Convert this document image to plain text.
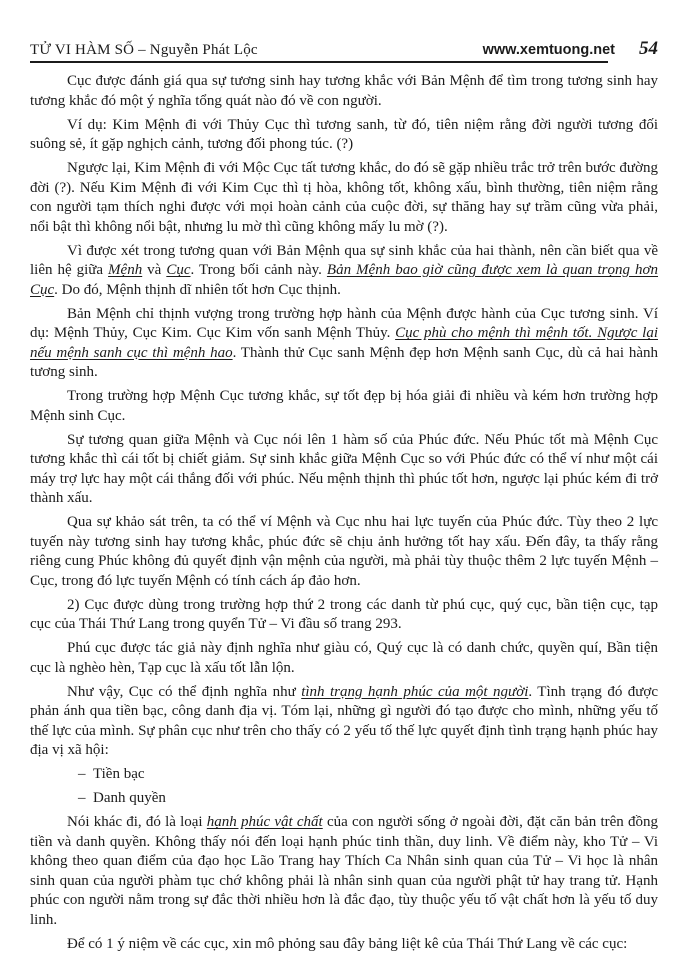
TỬ VI HÀM SỐ – Nguyễn Phát Lộc	www.xemtuong.net 54
Cục được đánh giá qua sự tương sinh hay tương khắc với Bản Mệnh để tìm trong tương sinh hay tương khắc đó một ý nghĩa tổng quát nào đó về con người.
Ví dụ: Kim Mệnh đi với Thủy Cục thì tương sanh, từ đó, tiên niệm rằng đời người tương đối suông sẻ, ít gặp nghịch cảnh, tương đối phong túc. (?)
Ngược lại, Kim Mệnh đi với Mộc Cục tất tương khắc, do đó sẽ gặp nhiều trắc trở trên bước đường đời (?). Nếu Kim Mệnh đi với Kim Cục thì tị hòa, không tốt, không xấu, bình thường, tiên niệm rằng con người tạm thích nghi được với mọi hoàn cảnh của cuộc đời, sự thăng hay sự trầm cũng vừa phải, nổi bật thì không nổi bật, nhưng lu mờ thì cũng không mấy lu mờ (?).
Vì được xét trong tương quan với Bản Mệnh qua sự sinh khắc của hai thành, nên cần biết qua về liên hệ giữa Mệnh và Cục. Trong bối cảnh này. Bản Mệnh bao giờ cũng được xem là quan trọng hơn Cục. Do đó, Mệnh thịnh dĩ nhiên tốt hơn Cục thịnh.
Bản Mệnh chỉ thịnh vượng trong trường hợp hành của Mệnh được hành của Cục tương sinh. Ví dụ: Mệnh Thủy, Cục Kim. Cục Kim vốn sanh Mệnh Thủy. Cục phù cho mệnh thì mệnh tốt. Ngược lại nếu mệnh sanh cục thì mệnh hao. Thành thử Cục sanh Mệnh đẹp hơn Mệnh sanh Cục, dù cả hai hành tương sinh.
Trong trường hợp Mệnh Cục tương khắc, sự tốt đẹp bị hóa giải đi nhiều và kém hơn trường hợp Mệnh sinh Cục.
Sự tương quan giữa Mệnh và Cục nói lên 1 hàm số của Phúc đức. Nếu Phúc tốt mà Mệnh Cục tương khắc thì cái tốt bị chiết giảm. Sự sinh khắc giữa Mệnh Cục so với Phúc đức có thể ví như một cái máy trợ lực hay một cái thắng đối với phúc. Nếu mệnh thịnh thì phúc tốt hơn, ngược lại phúc kém đi trở thành xấu.
Qua sự khảo sát trên, ta có thể ví Mệnh và Cục nhu hai lực tuyến của Phúc đức. Tùy theo 2 lực tuyến này tương sinh hay tương khắc, phúc đức sẽ chịu ảnh hưởng tốt hay xấu. Đến đây, ta thấy rằng riêng cung Phúc không đủ quyết định vận mệnh của người, mà phải tùy thuộc thêm 2 lực tuyến Mệnh – Cục, trong đó lực tuyến Mệnh có tính cách áp đảo hơn.
2) Cục được dùng trong trường hợp thứ 2 trong các danh từ phú cục, quý cục, bần tiện cục, tạp cục của Thái Thứ Lang trong quyển Tử – Vi đầu số trang 293.
Phú cục được tác giả này định nghĩa như giàu có, Quý cục là có danh chức, quyền quí, Bần tiện cục là nghèo hèn, Tạp cục là xấu tốt lẫn lộn.
Như vậy, Cục có thể định nghĩa như tình trạng hạnh phúc của một người. Tình trạng đó được phản ánh qua tiền bạc, công danh địa vị. Tóm lại, những gì người đó tạo được cho mình, những yếu tố thế lực của mình. Sự phân cục như trên cho thấy có 2 yếu tố thế lực quyết định tình trạng hạnh phúc hay địa vị xã hội:
–  Tiền bạc
–  Danh quyền
Nói khác đi, đó là loại hạnh phúc vật chất của con người sống ở ngoài đời, đặt căn bản trên đồng tiền và danh quyền. Không thấy nói đến loại hạnh phúc tinh thần, duy linh. Về điểm này, kho Tử – Vi không theo quan điểm của đạo học Lão Trang hay Thích Ca Nhân sinh quan của Tử – Vi học là nhân sinh quan của người phàm tục chớ không phải là nhân sinh quan của người phật tử hay trang tử. Hạnh phúc con người nằm trong sự đắc thời nhiều hơn là đắc đạo, tùy thuộc yếu tố vật chất hơn là yếu tố duy linh.
Để có 1 ý niệm về các cục, xin mô phỏng sau đây bảng liệt kê của Thái Thứ Lang về các cục:
